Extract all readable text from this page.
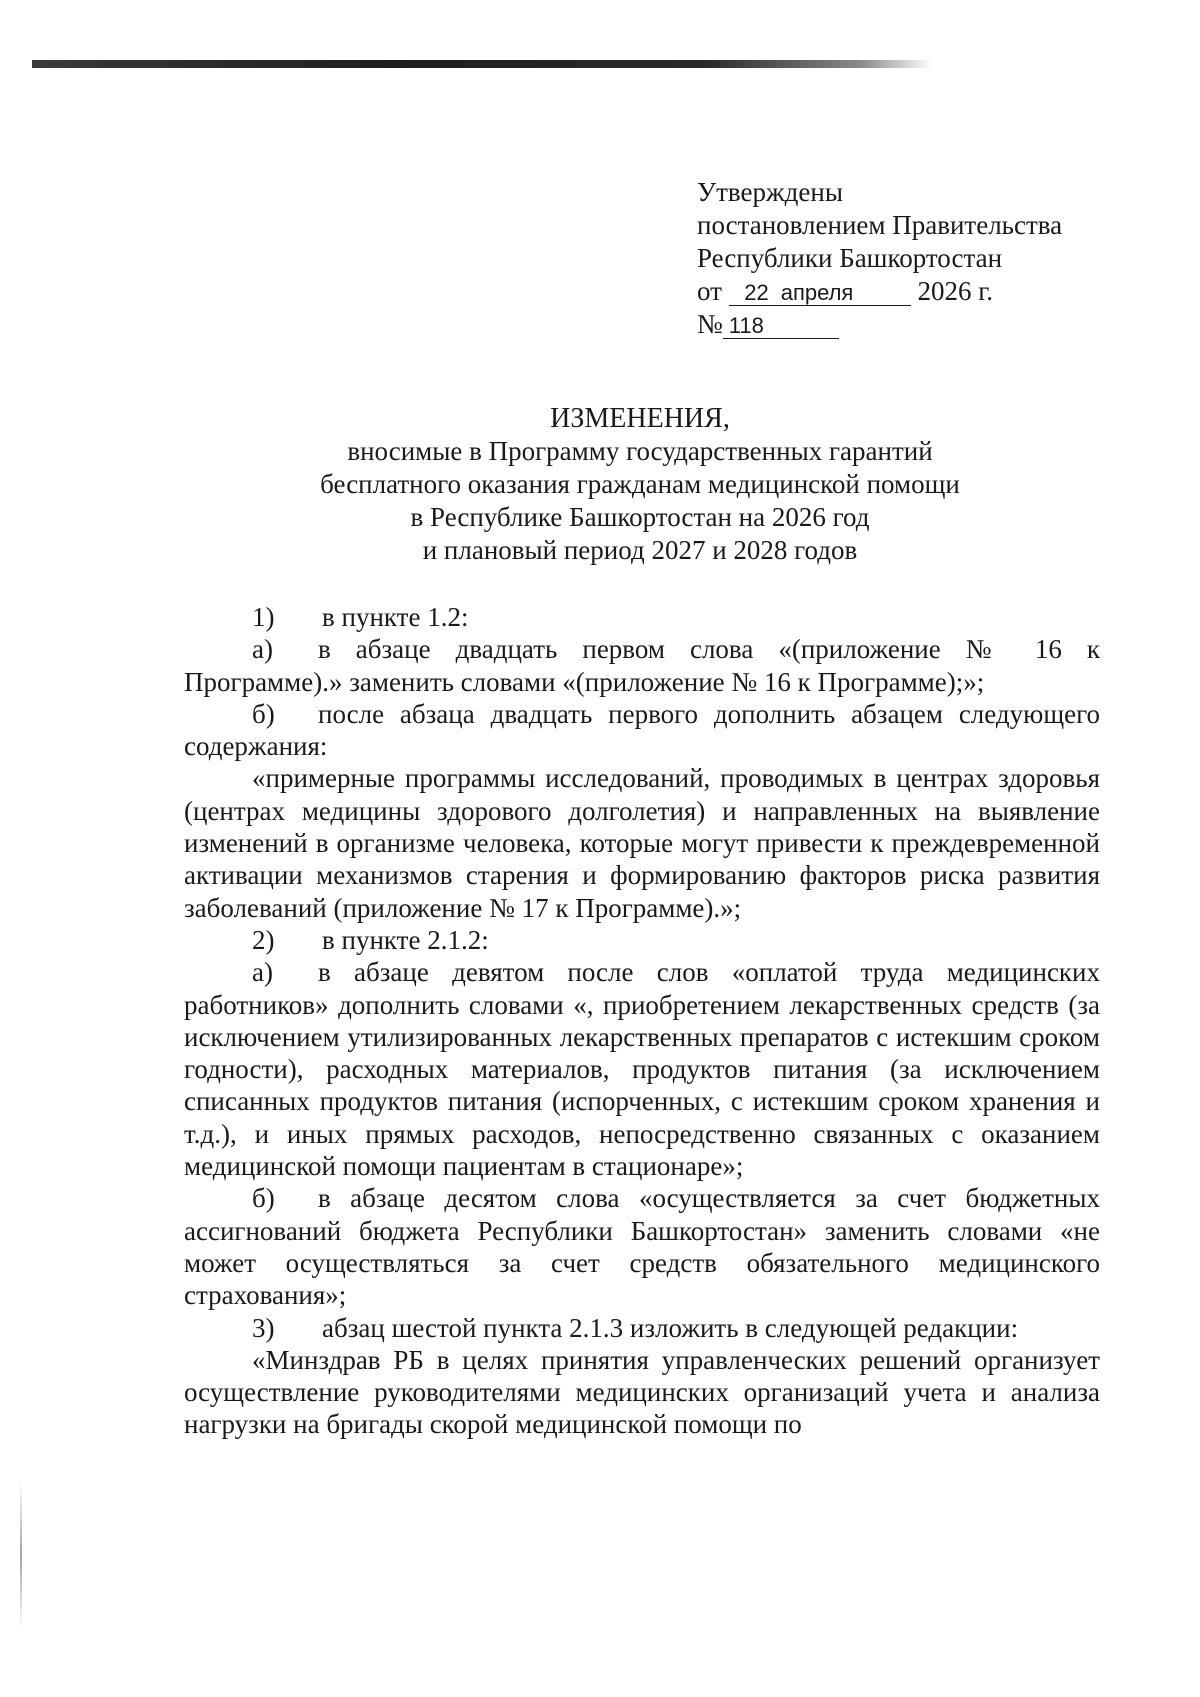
Утверждены
постановлением Правительства
Республики Башкортостан
от 22 апреля 2026 г.
№ 118
ИЗМЕНЕНИЯ,
вносимые в Программу государственных гарантий
бесплатного оказания гражданам медицинской помощи
в Республике Башкортостан на 2026 год
и плановый период 2027 и 2028 годов

1)	в пункте 1.2:

а) в абзаце двадцать первом слова «(приложение № 16 к Программе).» заменить словами «(приложение № 16 к Программе);»;

б) после абзаца двадцать первого дополнить абзацем следующего содержания:

«примерные программы исследований, проводимых в центрах здоровья (центрах медицины здорового долголетия) и направленных на выявление изменений в организме человека, которые могут привести к преждевременной активации механизмов старения и формированию факторов риска развития заболеваний (приложение № 17 к Программе).»;

2)	в пункте 2.1.2:

а) в абзаце девятом после слов «оплатой труда медицинских работников» дополнить словами «, приобретением лекарственных средств (за исключением утилизированных лекарственных препаратов с истекшим сроком годности), расходных материалов, продуктов питания (за исключением списанных продуктов питания (испорченных, с истекшим сроком хранения и т.д.), и иных прямых расходов, непосредственно связанных с оказанием медицинской помощи пациентам в стационаре»;

б) в абзаце десятом слова «осуществляется за счет бюджетных ассигнований бюджета Республики Башкортостан» заменить словами «не может осуществляться за счет средств обязательного медицинского страхования»;

3)	абзац шестой пункта 2.1.3 изложить в следующей редакции:

«Минздрав РБ в целях принятия управленческих решений организует осуществление руководителями медицинских организаций учета и анализа нагрузки на бригады скорой медицинской помощи по
